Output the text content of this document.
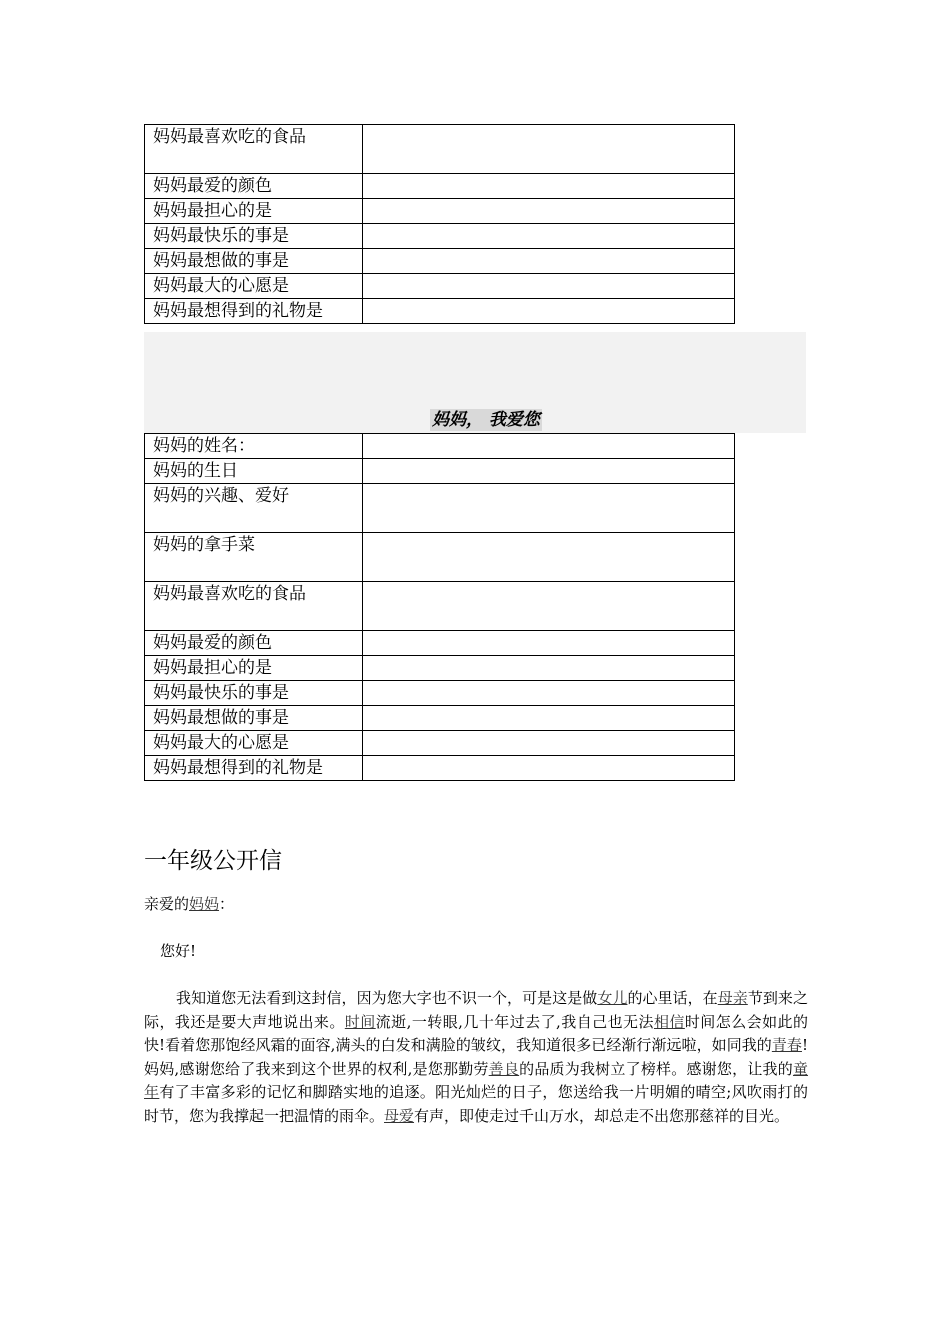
妈妈最喜欢吃的食品	
妈妈最爱的颜色	
妈妈最担心的是	
妈妈最快乐的事是	
妈妈最想做的事是	
妈妈最大的心愿是	
妈妈最想得到的礼物是	
妈妈， 我爱您
妈妈的姓名：	
妈妈的生日	
妈妈的兴趣、爱好	
妈妈的拿手菜	
妈妈最喜欢吃的食品	
妈妈最爱的颜色	
妈妈最担心的是	
妈妈最快乐的事是	
妈妈最想做的事是	
妈妈最大的心愿是	
妈妈最想得到的礼物是	
一年级公开信
亲爱的妈妈：
您好!
我知道您无法看到这封信，因为您大字也不识一个，可是这是做女儿的心里话，在母亲节到来之际，我还是要大声地说出来。时间流逝,一转眼,几十年过去了,我自己也无法相信时间怎么会如此的快!看着您那饱经风霜的面容,满头的白发和满脸的皱纹，我知道很多已经渐行渐远啦，如同我的青春!妈妈,感谢您给了我来到这个世界的权利,是您那勤劳善良的品质为我树立了榜样。感谢您，让我的童年有了丰富多彩的记忆和脚踏实地的追逐。阳光灿烂的日子，您送给我一片明媚的晴空;风吹雨打的时节，您为我撑起一把温情的雨伞。母爱有声，即使走过千山万水，却总走不出您那慈祥的目光。
